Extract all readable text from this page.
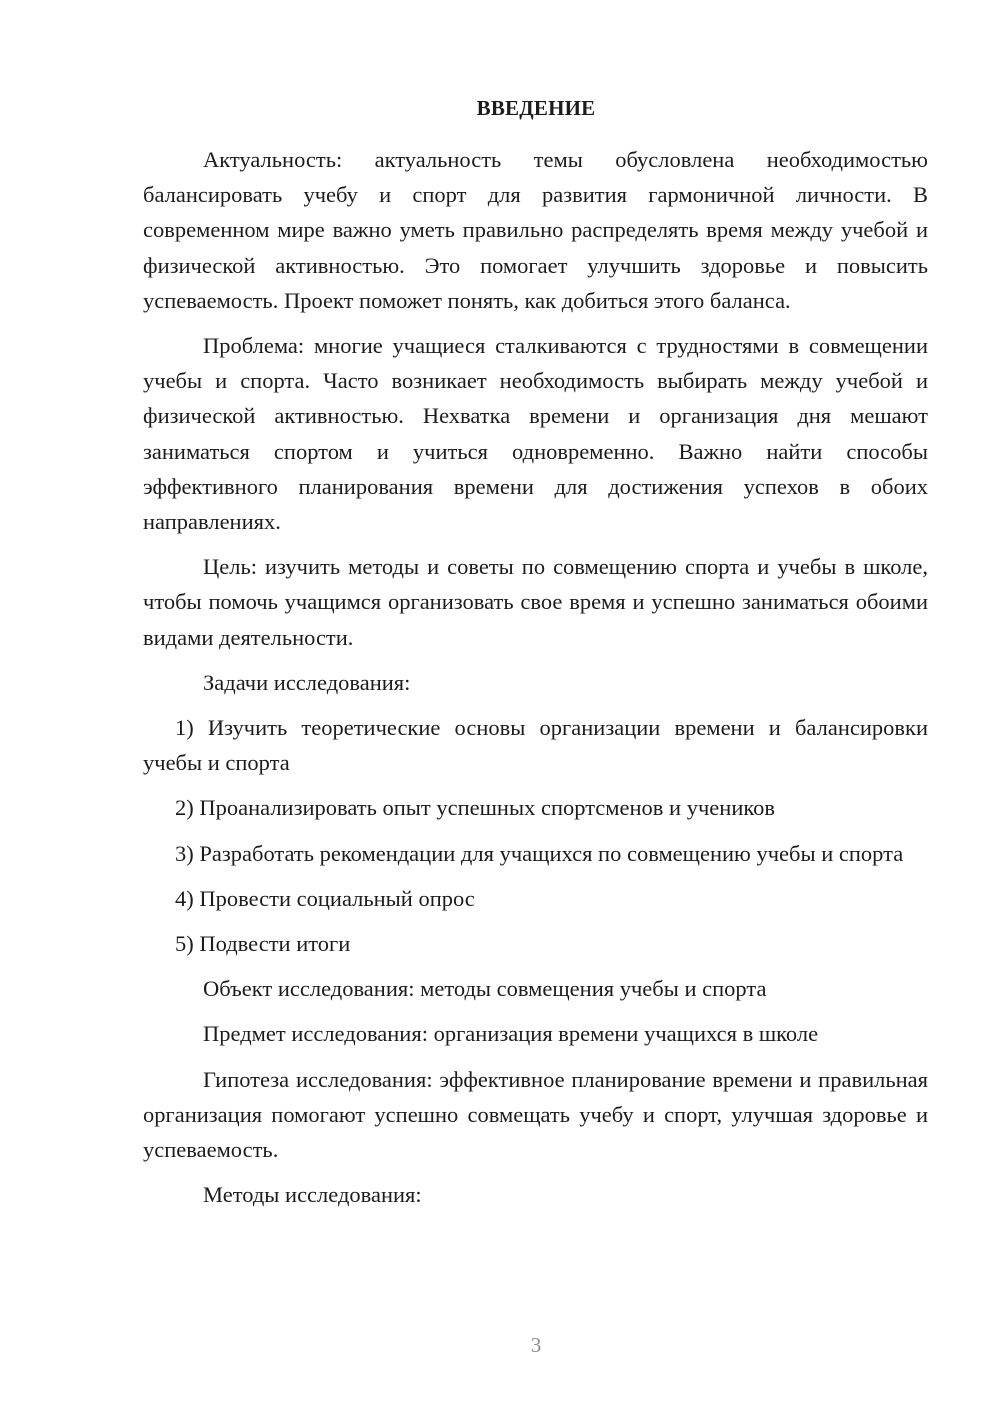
ВВЕДЕНИЕ

Актуальность: актуальность темы обусловлена необходимостью балансировать учебу и спорт для развития гармоничной личности. В современном мире важно уметь правильно распределять время между учебой и физической активностью. Это помогает улучшить здоровье и повысить успеваемость. Проект поможет понять, как добиться этого баланса.

Проблема: многие учащиеся сталкиваются с трудностями в совмещении учебы и спорта. Часто возникает необходимость выбирать между учебой и физической активностью. Нехватка времени и организация дня мешают заниматься спортом и учиться одновременно. Важно найти способы эффективного планирования времени для достижения успехов в обоих направлениях.

Цель: изучить методы и советы по совмещению спорта и учебы в школе, чтобы помочь учащимся организовать свое время и успешно заниматься обоими видами деятельности.

Задачи исследования:

1) Изучить теоретические основы организации времени и балансировки учебы и спорта

2) Проанализировать опыт успешных спортсменов и учеников

3) Разработать рекомендации для учащихся по совмещению учебы и спорта

4) Провести социальный опрос

5) Подвести итоги

Объект исследования: методы совмещения учебы и спорта

Предмет исследования: организация времени учащихся в школе

Гипотеза исследования: эффективное планирование времени и правильная организация помогают успешно совмещать учебу и спорт, улучшая здоровье и успеваемость.

Методы исследования:

3
